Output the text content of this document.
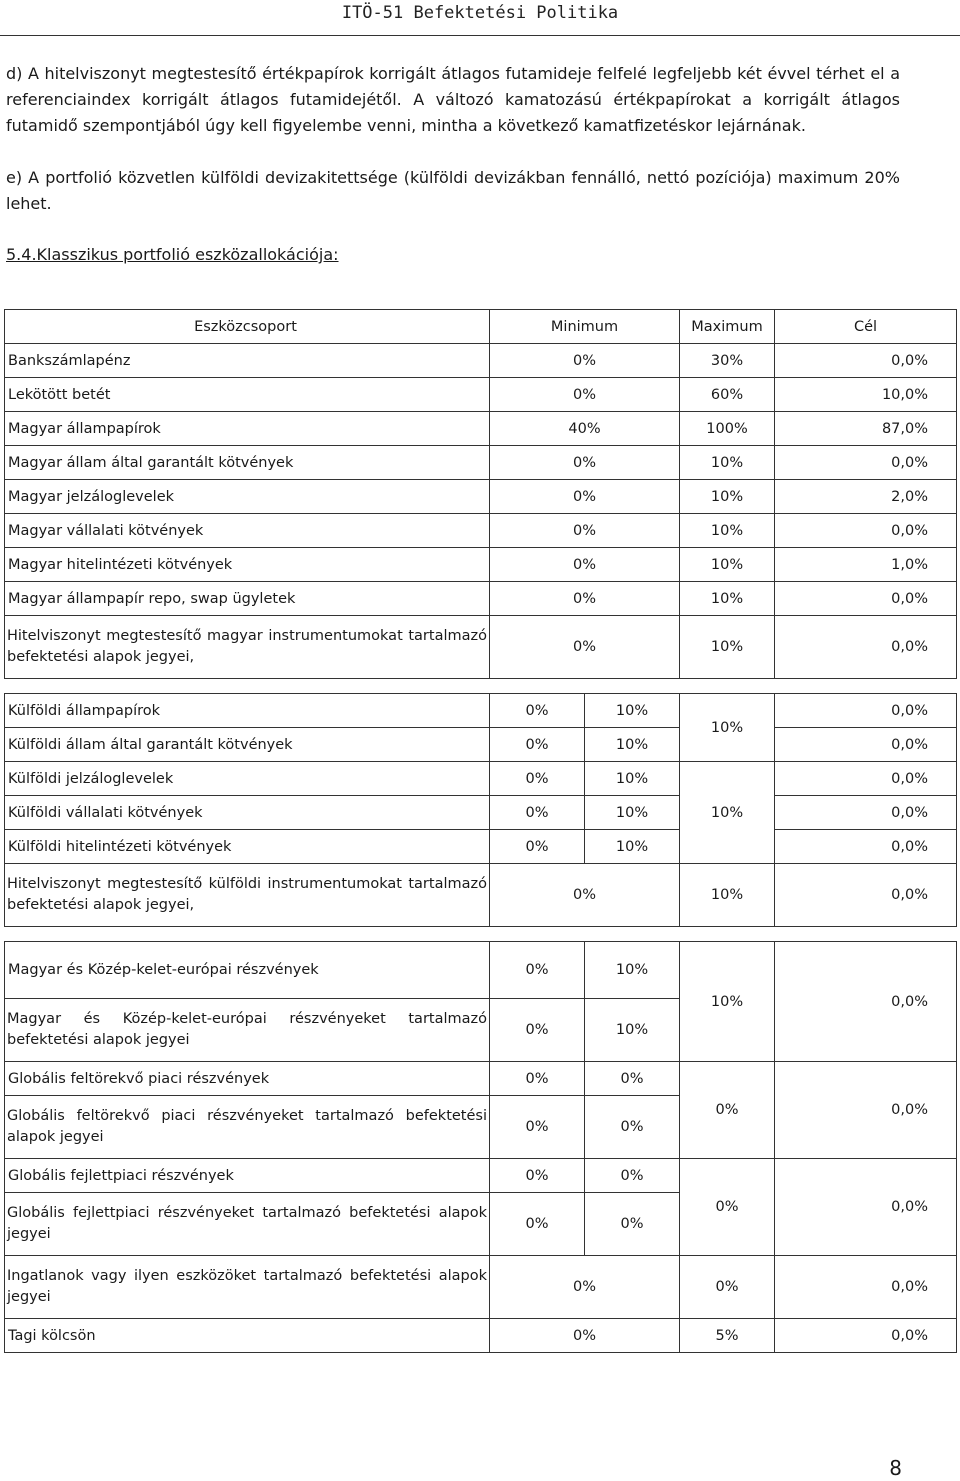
ITÖ-51 Befektetési Politika
d) A hitelviszonyt megtestesítő értékpapírok korrigált átlagos futamideje felfelé legfeljebb két évvel térhet el a referenciaindex korrigált átlagos futamidejétől. A változó kamatozású értékpapírokat a korrigált átlagos futamidő szempontjából úgy kell figyelembe venni, mintha a következő kamatfizetéskor lejárnának.
e) A portfolió közvetlen külföldi devizakitettsége (külföldi devizákban fennálló, nettó pozíciója) maximum 20% lehet.
5.4.Klasszikus portfolió eszközallokációja:
Eszközcsoport	Minimum		Maximum	Cél
Bankszámlapénz	0%		30%	0,0%
Lekötött betét	0%		60%	10,0%
Magyar állampapírok	40%		100%	87,0%
Magyar állam által garantált kötvények	0%		10%	0,0%
Magyar jelzáloglevelek	0%		10%	2,0%
Magyar vállalati kötvények	0%		10%	0,0%
Magyar hitelintézeti kötvények	0%		10%	1,0%
Magyar állampapír repo, swap ügyletek	0%		10%	0,0%

Hitelviszonyt megtestesítő magyar instrumentumokat tartalmazó befektetési alapok jegyei,	0%		10%	0,0%

Külföldi állampapírok	0%	10%	10%	0,0%
Külföldi állam által garantált kötvények	0%	10%		0,0%
Külföldi jelzáloglevelek	0%	10%	10%	0,0%
Külföldi vállalati kötvények	0%	10%		0,0%
Külföldi hitelintézeti kötvények	0%	10%		0,0%

Hitelviszonyt megtestesítő külföldi instrumentumokat tartalmazó befektetési alapok jegyei,	0%		10%	0,0%

Magyar és Közép-kelet-európai részvények	0%	10%	10%	0,0%

Magyar és Közép-kelet-európai részvényeket tartalmazó befektetési alapok jegyei	0%	10%		
Globális feltörekvő piaci részvények	0%	0%	0%	0,0%

Globális feltörekvő piaci részvényeket tartalmazó befektetési alapok jegyei	0%	0%		
Globális fejlettpiaci részvények	0%	0%	0%	0,0%

Globális fejlettpiaci részvényeket tartalmazó befektetési alapok jegyei	0%	0%		

Ingatlanok vagy ilyen eszközöket tartalmazó befektetési alapok jegyei	0%		0%	0,0%
Tagi kölcsön	0%		5%	0,0%
8
